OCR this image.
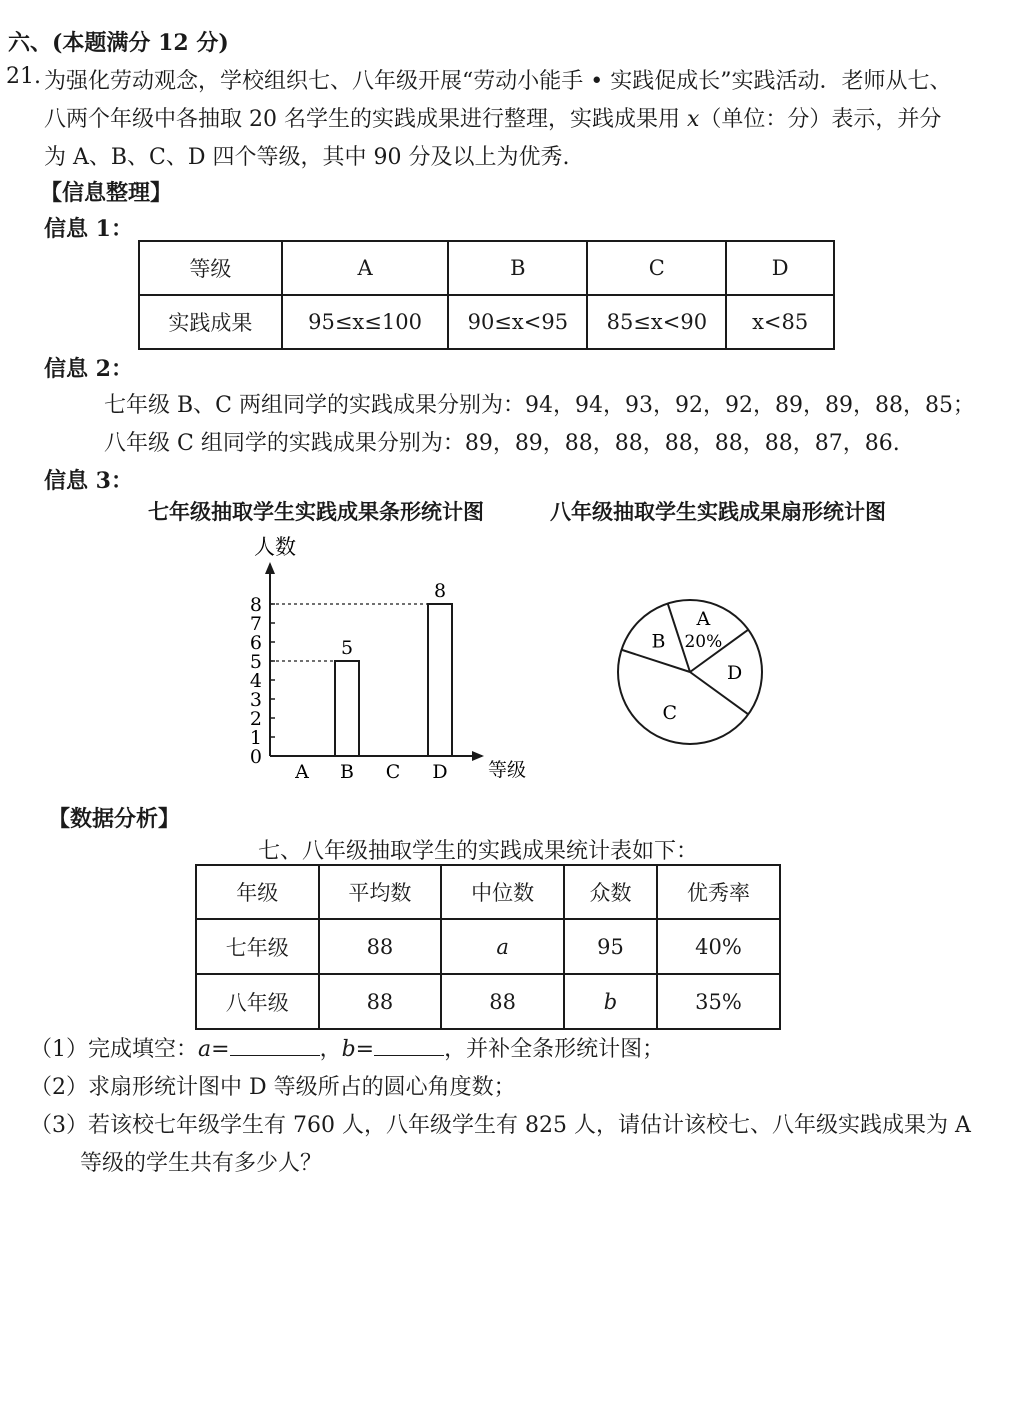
六、(本题满分 12 分)
21. 为强化劳动观念，学校组织七、八年级开展“劳动小能手 • 实践促成长”实践活动．老师从七、
八两个年级中各抽取 20 名学生的实践成果进行整理，实践成果用 x（单位：分）表示，并分
为 A、B、C、D 四个等级，其中 90 分及以上为优秀.
【信息整理】
信息 1：
等级	A	B	C	D
实践成果	95≤x≤100	90≤x<95	85≤x<90	x<85
信息 2：
七年级 B、C 两组同学的实践成果分别为：94，94，93，92，92，89，89，88，85；
八年级 C 组同学的实践成果分别为：89，89，88，88，88，88，88，87，86.
信息 3：
七年级抽取学生实践成果条形统计图	八年级抽取学生实践成果扇形统计图
人数
等级
0
1
2
3
4
5
6
7
8
A B
5
C D
8
A
20%
D
C
B
【数据分析】
七、八年级抽取学生的实践成果统计表如下：
年级	平均数	中位数	众数	优秀率
七年级	88	a	95	40%
八年级	88	88	b	35%
（1）完成填空：a=	，b=	，并补全条形统计图；
（2）求扇形统计图中 D 等级所占的圆心角度数；
（3）若该校七年级学生有 760 人，八年级学生有 825 人，请估计该校七、八年级实践成果为 A
等级的学生共有多少人？
